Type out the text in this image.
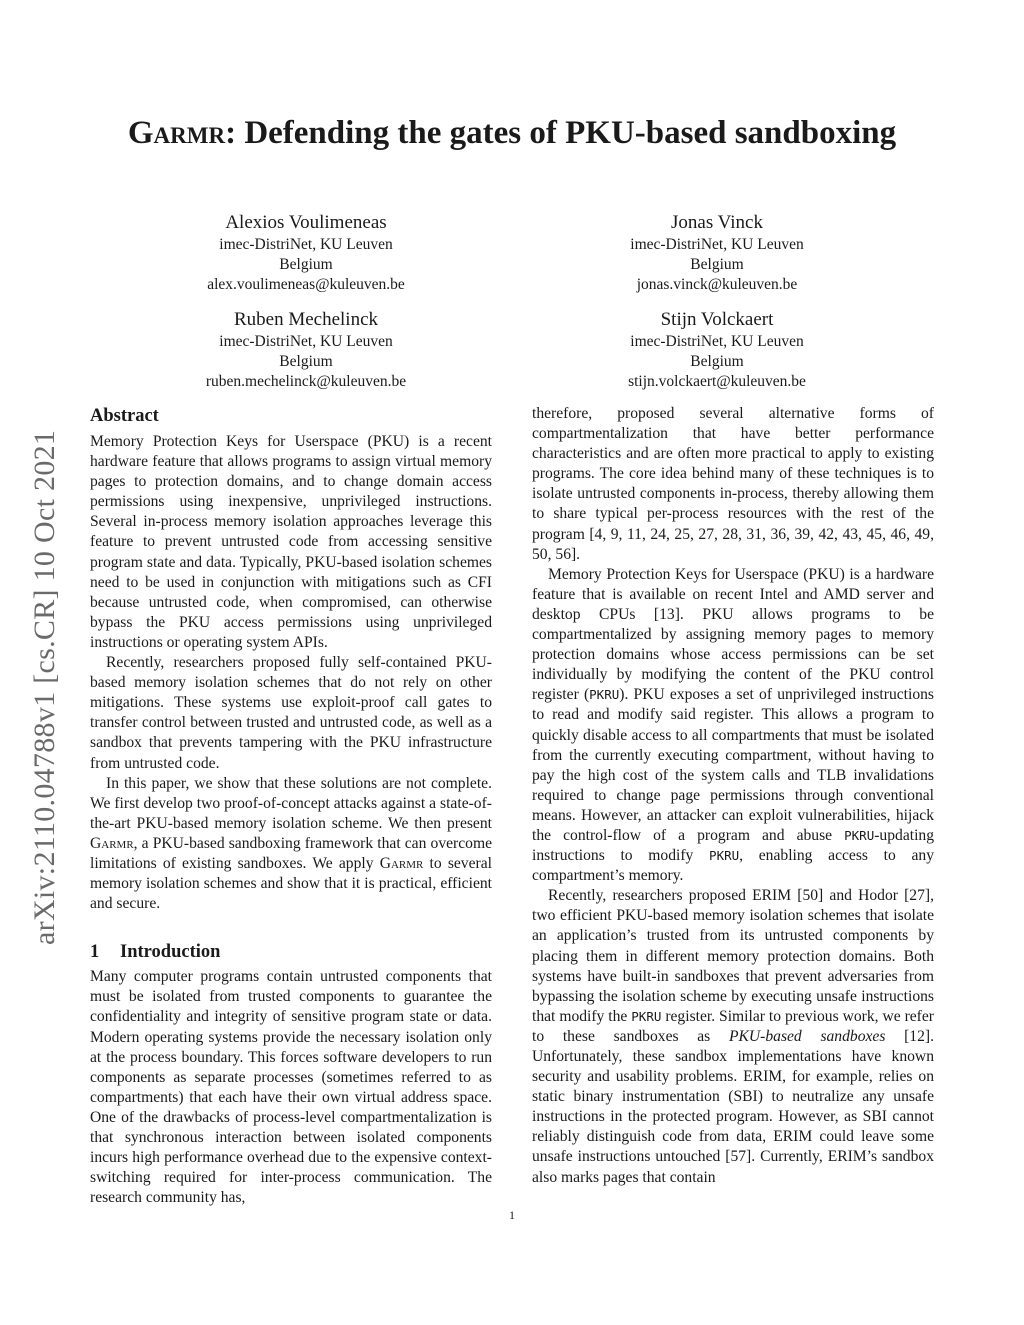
arXiv:2110.04788v1 [cs.CR] 10 Oct 2021
Garmr: Defending the gates of PKU-based sandboxing
Alexios Voulimeneas
imec-DistriNet, KU Leuven
Belgium
alex.voulimeneas@kuleuven.be
Jonas Vinck
imec-DistriNet, KU Leuven
Belgium
jonas.vinck@kuleuven.be
Ruben Mechelinck
imec-DistriNet, KU Leuven
Belgium
ruben.mechelinck@kuleuven.be
Stijn Volckaert
imec-DistriNet, KU Leuven
Belgium
stijn.volckaert@kuleuven.be
Abstract

Memory Protection Keys for Userspace (PKU) is a recent hardware feature that allows programs to assign virtual memory pages to protection domains, and to change domain access permissions using inexpensive, unprivileged instructions. Several in-process memory isolation approaches leverage this feature to prevent untrusted code from accessing sensitive program state and data. Typically, PKU-based isolation schemes need to be used in conjunction with mitigations such as CFI because untrusted code, when compromised, can otherwise bypass the PKU access permissions using unprivileged instructions or operating system APIs.

Recently, researchers proposed fully self-contained PKU-based memory isolation schemes that do not rely on other mitigations. These systems use exploit-proof call gates to transfer control between trusted and untrusted code, as well as a sandbox that prevents tampering with the PKU infrastructure from untrusted code.

In this paper, we show that these solutions are not complete. We first develop two proof-of-concept attacks against a state-of-the-art PKU-based memory isolation scheme. We then present Garmr, a PKU-based sandboxing framework that can overcome limitations of existing sandboxes. We apply Garmr to several memory isolation schemes and show that it is practical, efficient and secure.

1 Introduction

Many computer programs contain untrusted components that must be isolated from trusted components to guarantee the confidentiality and integrity of sensitive program state or data. Modern operating systems provide the necessary isolation only at the process boundary. This forces software developers to run components as separate processes (sometimes referred to as compartments) that each have their own virtual address space. One of the drawbacks of process-level compartmentalization is that synchronous interaction between isolated components incurs high performance overhead due to the expensive context-switching required for inter-process communication. The research community has,

therefore, proposed several alternative forms of compartmentalization that have better performance characteristics and are often more practical to apply to existing programs. The core idea behind many of these techniques is to isolate untrusted components in-process, thereby allowing them to share typical per-process resources with the rest of the program [4, 9, 11, 24, 25, 27, 28, 31, 36, 39, 42, 43, 45, 46, 49, 50, 56].

Memory Protection Keys for Userspace (PKU) is a hardware feature that is available on recent Intel and AMD server and desktop CPUs [13]. PKU allows programs to be compartmentalized by assigning memory pages to memory protection domains whose access permissions can be set individually by modifying the content of the PKU control register (PKRU). PKU exposes a set of unprivileged instructions to read and modify said register. This allows a program to quickly disable access to all compartments that must be isolated from the currently executing compartment, without having to pay the high cost of the system calls and TLB invalidations required to change page permissions through conventional means. However, an attacker can exploit vulnerabilities, hijack the control-flow of a program and abuse PKRU-updating instructions to modify PKRU, enabling access to any compartment’s memory.

Recently, researchers proposed ERIM [50] and Hodor [27], two efficient PKU-based memory isolation schemes that isolate an application’s trusted from its untrusted components by placing them in different memory protection domains. Both systems have built-in sandboxes that prevent adversaries from bypassing the isolation scheme by executing unsafe instructions that modify the PKRU register. Similar to previous work, we refer to these sandboxes as PKU-based sandboxes [12]. Unfortunately, these sandbox implementations have known security and usability problems. ERIM, for example, relies on static binary instrumentation (SBI) to neutralize any unsafe instructions in the protected program. However, as SBI cannot reliably distinguish code from data, ERIM could leave some unsafe instructions untouched [57]. Currently, ERIM’s sandbox also marks pages that contain

1
